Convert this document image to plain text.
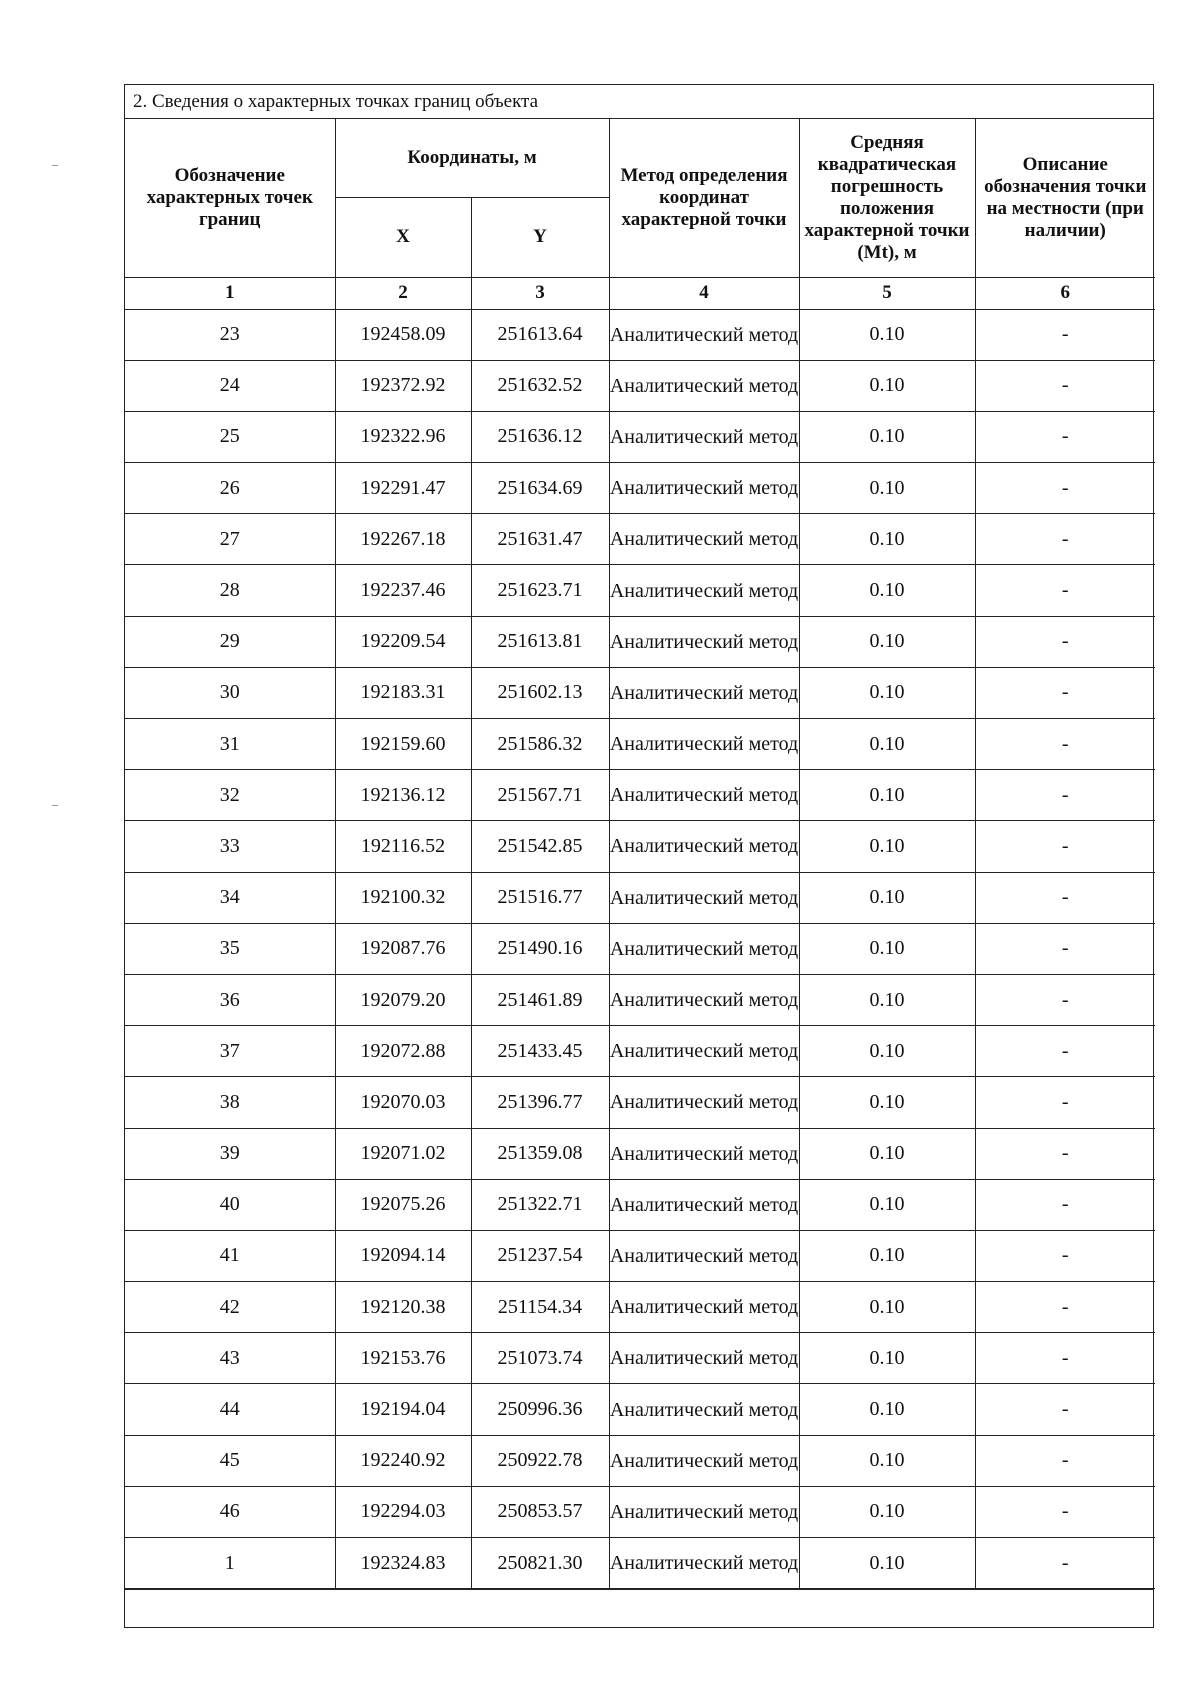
2. Сведения о характерных точках границ объекта
Обозначение характерных точек границ	Координаты, м		Метод определения координат характерной точки	Средняя квадратическая погрешность положения характерной точки (Mt), м	Описание обозначения точки на местности (при наличии)
	X	Y			
1	2	3	4	5	6
23	192458.09	251613.64	Аналитический метод	0.10	-
24	192372.92	251632.52	Аналитический метод	0.10	-
25	192322.96	251636.12	Аналитический метод	0.10	-
26	192291.47	251634.69	Аналитический метод	0.10	-
27	192267.18	251631.47	Аналитический метод	0.10	-
28	192237.46	251623.71	Аналитический метод	0.10	-
29	192209.54	251613.81	Аналитический метод	0.10	-
30	192183.31	251602.13	Аналитический метод	0.10	-
31	192159.60	251586.32	Аналитический метод	0.10	-
32	192136.12	251567.71	Аналитический метод	0.10	-
33	192116.52	251542.85	Аналитический метод	0.10	-
34	192100.32	251516.77	Аналитический метод	0.10	-
35	192087.76	251490.16	Аналитический метод	0.10	-
36	192079.20	251461.89	Аналитический метод	0.10	-
37	192072.88	251433.45	Аналитический метод	0.10	-
38	192070.03	251396.77	Аналитический метод	0.10	-
39	192071.02	251359.08	Аналитический метод	0.10	-
40	192075.26	251322.71	Аналитический метод	0.10	-
41	192094.14	251237.54	Аналитический метод	0.10	-
42	192120.38	251154.34	Аналитический метод	0.10	-
43	192153.76	251073.74	Аналитический метод	0.10	-
44	192194.04	250996.36	Аналитический метод	0.10	-
45	192240.92	250922.78	Аналитический метод	0.10	-
46	192294.03	250853.57	Аналитический метод	0.10	-
1	192324.83	250821.30	Аналитический метод	0.10	-
